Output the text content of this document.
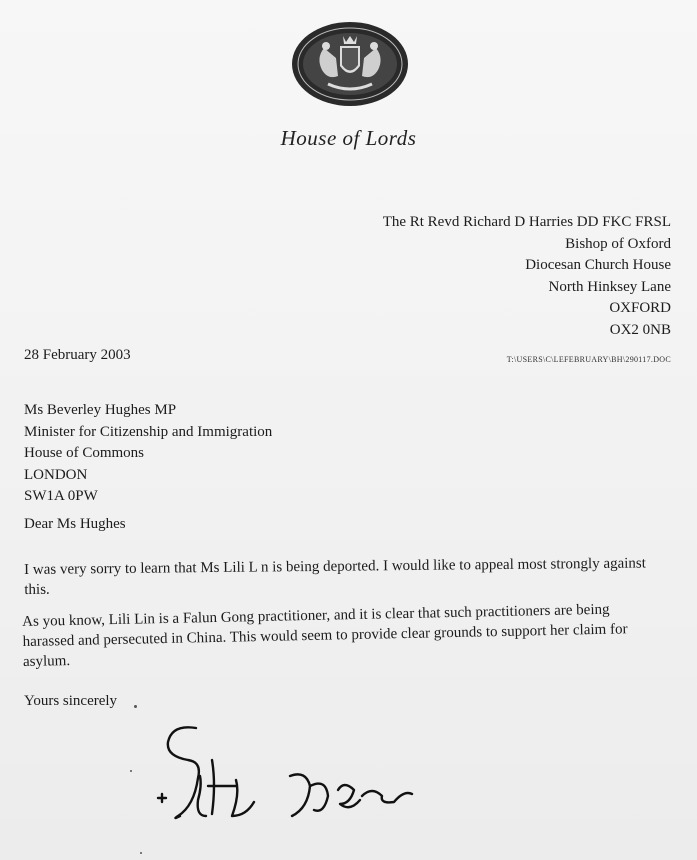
House of Lords
The Rt Revd Richard D Harries DD FKC FRSL
Bishop of Oxford
Diocesan Church House
North Hinksey Lane
OXFORD
OX2 0NB
28 February 2003	T:\USERS\C\LEFEBRUARY\BH\290117.DOC
Ms Beverley Hughes MP
Minister for Citizenship and Immigration
House of Commons
LONDON
SW1A 0PW
Dear Ms Hughes
I was very sorry to learn that Ms Lili L n is being deported. I would like to appeal most strongly against this.
As you know, Lili Lin is a Falun Gong practitioner, and it is clear that such practitioners are being harassed and persecuted in China. This would seem to provide clear grounds to support her claim for asylum.
Yours sincerely
